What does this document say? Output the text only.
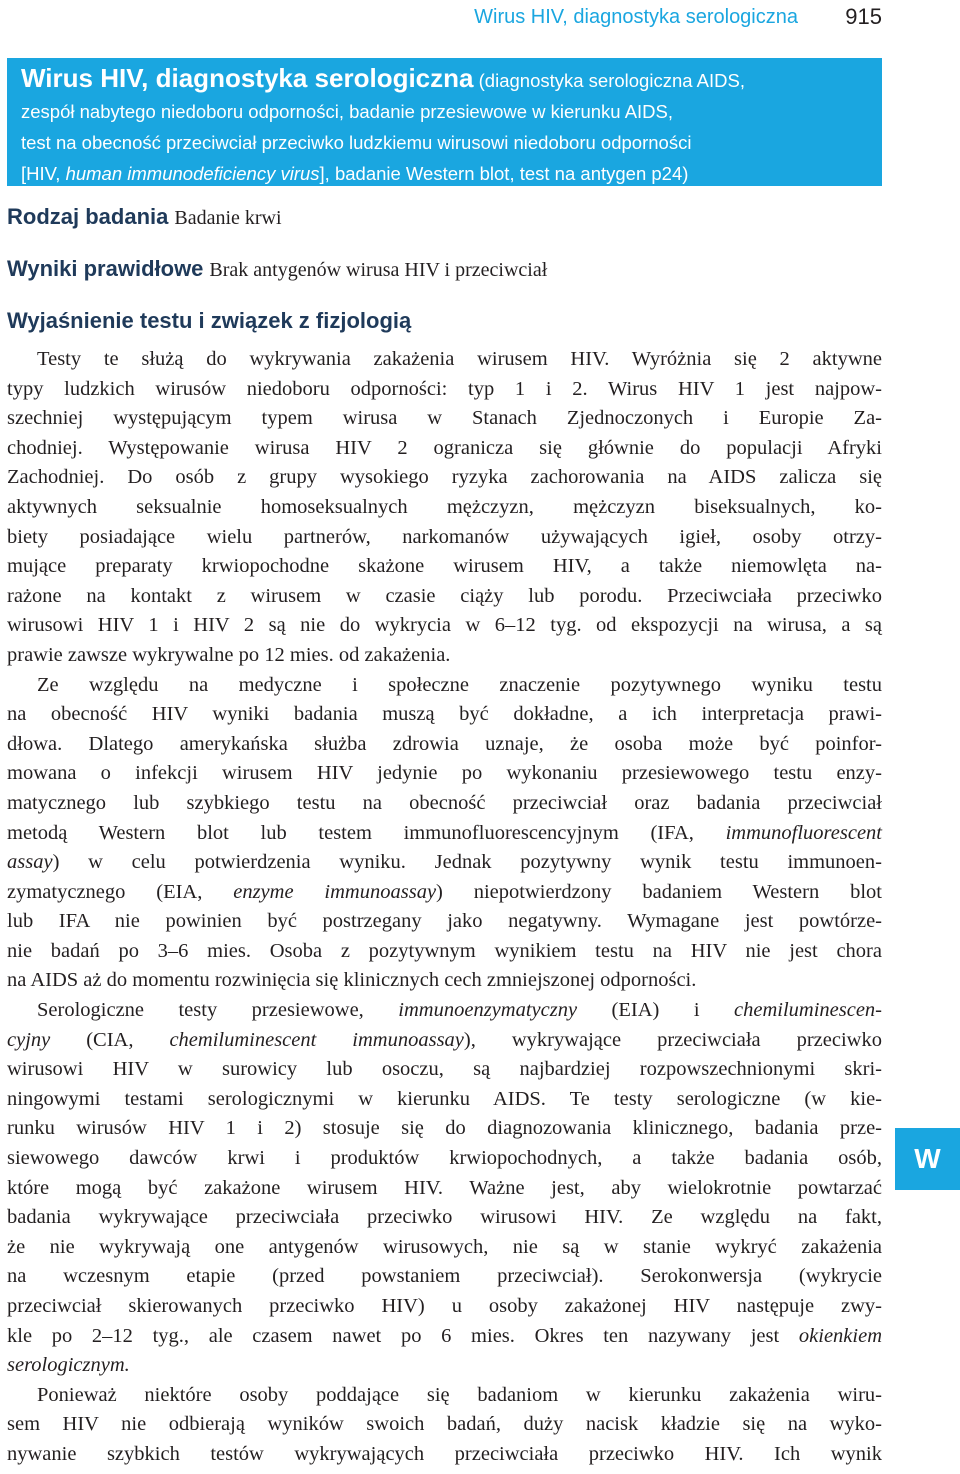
Wirus HIV, diagnostyka serologiczna 915
Wirus HIV, diagnostyka serologiczna (diagnostyka serologiczna AIDS,
zespół nabytego niedoboru odporności, badanie przesiewowe w kierunku AIDS,
test na obecność przeciwciał przeciwko ludzkiemu wirusowi niedoboru odporności
[HIV, human immunodeficiency virus], badanie Western blot, test na antygen p24)
Rodzaj badania Badanie krwi
Wyniki prawidłowe Brak antygenów wirusa HIV i przeciwciał
Wyjaśnienie testu i związek z fizjologią
Testy te służą do wykrywania zakażenia wirusem HIV. Wyróżnia się 2 aktywne
typy ludzkich wirusów niedoboru odporności: typ 1 i 2. Wirus HIV 1 jest najpow-
szechniej występującym typem wirusa w Stanach Zjednoczonych i Europie Za-
chodniej. Występowanie wirusa HIV 2 ogranicza się głównie do populacji Afryki
Zachodniej. Do osób z grupy wysokiego ryzyka zachorowania na AIDS zalicza się
aktywnych seksualnie homoseksualnych mężczyzn, mężczyzn biseksualnych, ko-
biety posiadające wielu partnerów, narkomanów używających igieł, osoby otrzy-
mujące preparaty krwiopochodne skażone wirusem HIV, a także niemowlęta na-
rażone na kontakt z wirusem w czasie ciąży lub porodu. Przeciwciała przeciwko
wirusowi HIV 1 i HIV 2 są nie do wykrycia w 6–12 tyg. od ekspozycji na wirusa, a są
prawie zawsze wykrywalne po 12 mies. od zakażenia.
Ze względu na medyczne i społeczne znaczenie pozytywnego wyniku testu
na obecność HIV wyniki badania muszą być dokładne, a ich interpretacja prawi-
dłowa. Dlatego amerykańska służba zdrowia uznaje, że osoba może być poinfor-
mowana o infekcji wirusem HIV jedynie po wykonaniu przesiewowego testu enzy-
matycznego lub szybkiego testu na obecność przeciwciał oraz badania przeciwciał
metodą Western blot lub testem immunofluorescencyjnym (IFA, immunofluorescent
assay) w celu potwierdzenia wyniku. Jednak pozytywny wynik testu immunoen-
zymatycznego (EIA, enzyme immunoassay) niepotwierdzony badaniem Western blot
lub IFA nie powinien być postrzegany jako negatywny. Wymagane jest powtórze-
nie badań po 3–6 mies. Osoba z pozytywnym wynikiem testu na HIV nie jest chora
na AIDS aż do momentu rozwinięcia się klinicznych cech zmniejszonej odporności.
Serologiczne testy przesiewowe, immunoenzymatyczny (EIA) i chemiluminescen-
cyjny (CIA, chemiluminescent immunoassay), wykrywające przeciwciała przeciwko
wirusowi HIV w surowicy lub osoczu, są najbardziej rozpowszechnionymi skri-
ningowymi testami serologicznymi w kierunku AIDS. Te testy serologiczne (w kie-
runku wirusów HIV 1 i 2) stosuje się do diagnozowania klinicznego, badania prze-
siewowego dawców krwi i produktów krwiopochodnych, a także badania osób,
które mogą być zakażone wirusem HIV. Ważne jest, aby wielokrotnie powtarzać
badania wykrywające przeciwciała przeciwko wirusowi HIV. Ze względu na fakt,
że nie wykrywają one antygenów wirusowych, nie są w stanie wykryć zakażenia
na wczesnym etapie (przed powstaniem przeciwciał). Serokonwersja (wykrycie
przeciwciał skierowanych przeciwko HIV) u osoby zakażonej HIV następuje zwy-
kle po 2–12 tyg., ale czasem nawet po 6 mies. Okres ten nazywany jest okienkiem
serologicznym.
Ponieważ niektóre osoby poddające się badaniom w kierunku zakażenia wiru-
sem HIV nie odbierają wyników swoich badań, duży nacisk kładzie się na wyko-
nywanie szybkich testów wykrywających przeciwciała przeciwko HIV. Ich wynik
W
